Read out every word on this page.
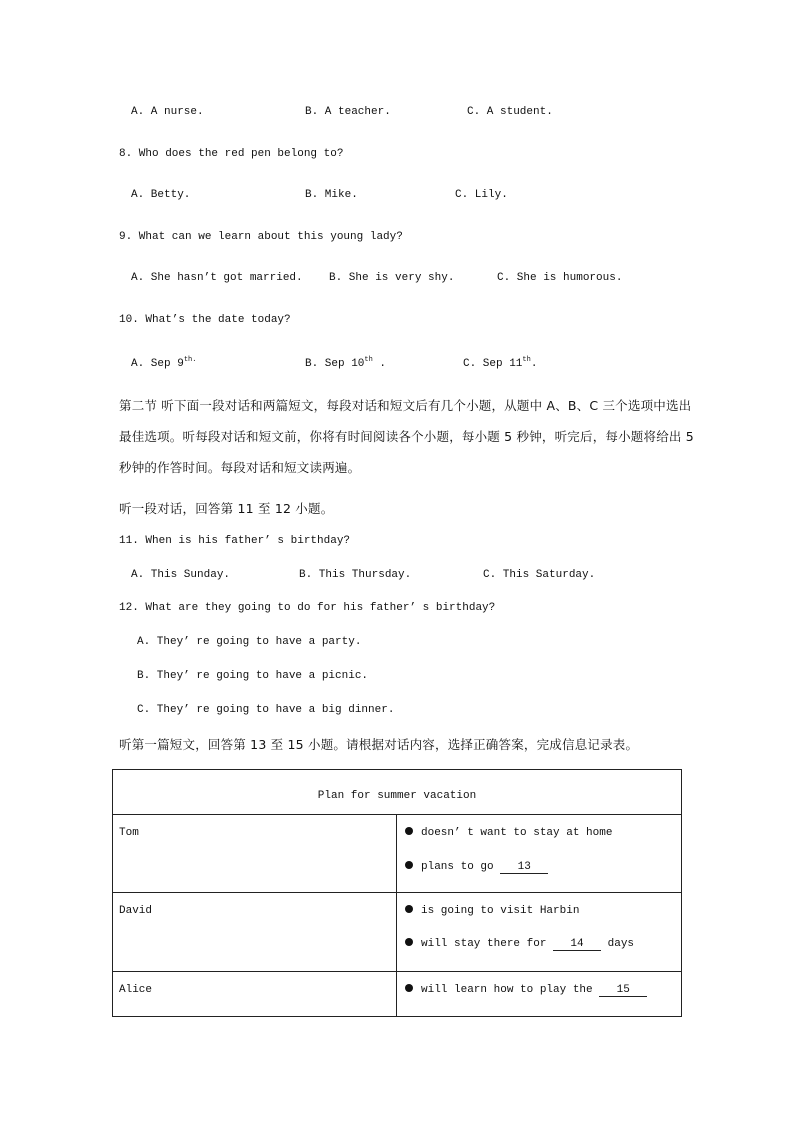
A. A nurse.	B. A teacher.	C. A student.
8. Who does the red pen belong to?
A. Betty.	B. Mike.	C. Lily.
9. What can we learn about this young lady?
A. She hasn’t got married. B. She is very shy.	C. She is humorous.
10. What’s the date today?
A. Sep $9^{th.}$	B. Sep 10th .	C. Sep 11th.
第二节 听下面一段对话和两篇短文，每段对话和短文后有几个小题，从题中 A、B、C 三个选项中选出
最佳选项。听每段对话和短文前，你将有时间阅读各个小题，每小题 5 秒钟，听完后，每小题将给出 5
秒钟的作答时间。每段对话和短文读两遍。
听一段对话，回答第 11 至 12 小题。
11. When is his father’ s birthday?
A. This Sunday.	B. This Thursday.	C. This Saturday.
12. What are they going to do for his father’ s birthday?
A. They’ re going to have a party.
B. They’ re going to have a picnic.
C. They’ re going to have a big dinner.
听第一篇短文，回答第 13 至 15 小题。请根据对话内容，选择正确答案，完成信息记录表。
Plan for summer vacation	

Tom	doesn’ t want to stay at home
plans to go 13

David	is going to visit Harbin
will stay there for 14 days

Alice	will learn how to play the 15
